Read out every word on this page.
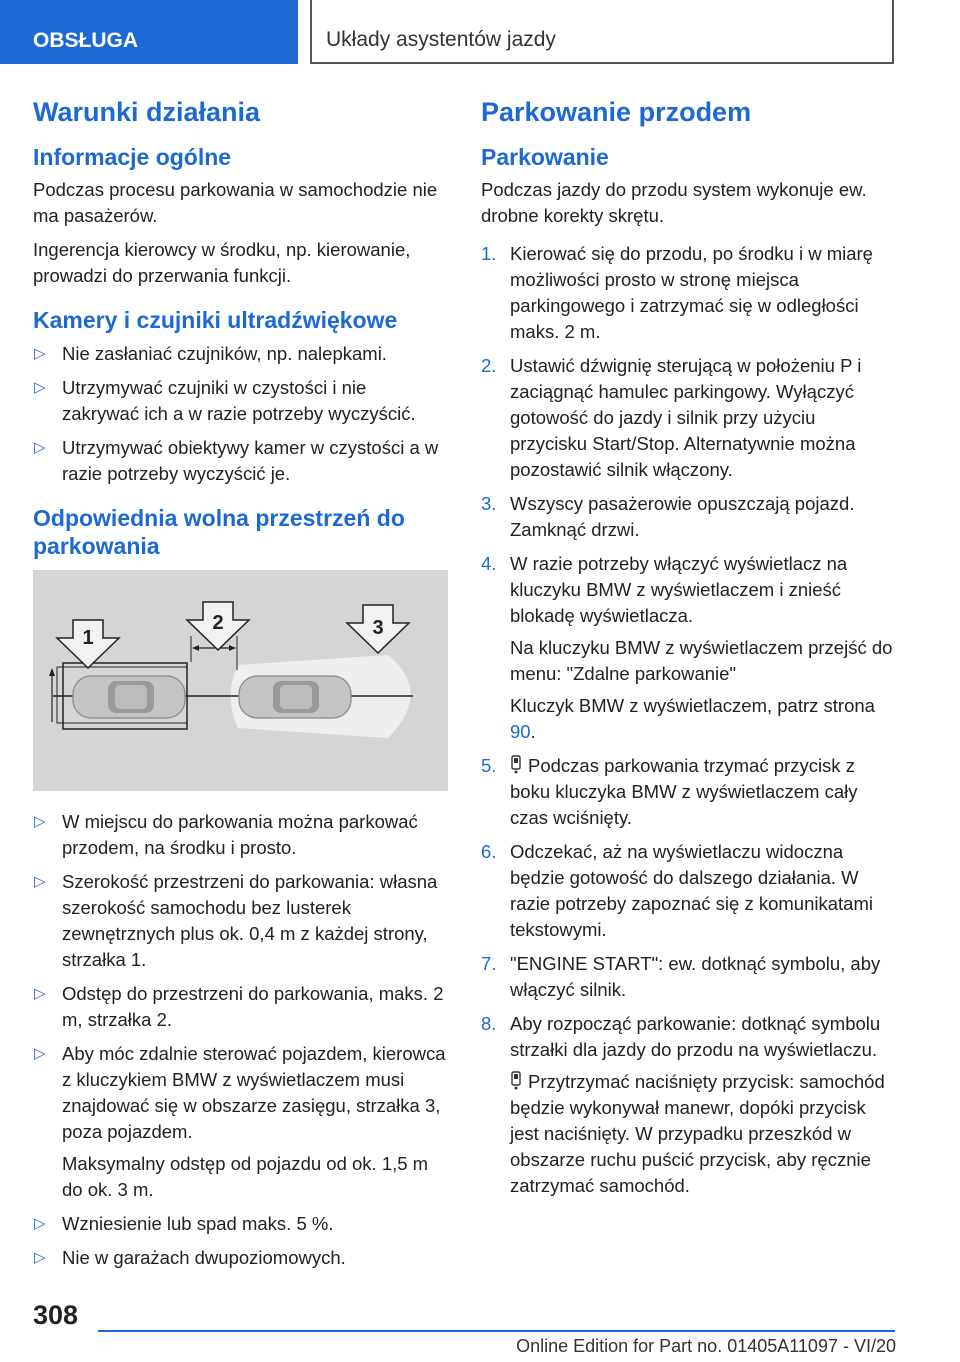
OBSŁUGA	Układy asystentów jazdy
Warunki działania
Informacje ogólne

Podczas procesu parkowania w samochodzie nie ma pasażerów.

Ingerencja kierowcy w środku, np. kierowanie, prowadzi do przerwania funkcji.

Kamery i czujniki ultradźwiękowe
▷ Nie zasłaniać czujników, np. nalepkami.
▷ Utrzymywać czujniki w czystości i nie zakrywać ich a w razie potrzeby wyczyścić.
▷ Utrzymywać obiektywy kamer w czystości a w razie potrzeby wyczyścić je.
Odpowiednia wolna przestrzeń do parkowania
1
2	3
▷ W miejscu do parkowania można parkować przodem, na środku i prosto.
▷ Szerokość przestrzeni do parkowania: własna szerokość samochodu bez lusterek zewnętrznych plus ok. 0,4 m z każdej strony, strzałka 1.
▷ Odstęp do przestrzeni do parkowania, maks. 2 m, strzałka 2.
▷ Aby móc zdalnie sterować pojazdem, kierowca z kluczykiem BMW z wyświetlaczem musi znajdować się w obszarze zasięgu, strzałka 3, poza pojazdem.
Maksymalny odstęp od pojazdu od ok. 1,5 m do ok. 3 m.
▷ Wzniesienie lub spad maks. 5 %.
▷ Nie w garażach dwupoziomowych.
Parkowanie przodem
Parkowanie

Podczas jazdy do przodu system wykonuje ew. drobne korekty skrętu.

1. Kierować się do przodu, po środku i w miarę możliwości prosto w stronę miejsca parkingowego i zatrzymać się w odległości maks. 2 m.
2. Ustawić dźwignię sterującą w położeniu P i zaciągnąć hamulec parkingowy. Wyłączyć gotowość do jazdy i silnik przy użyciu przycisku Start/Stop. Alternatywnie można pozostawić silnik włączony.
3. Wszyscy pasażerowie opuszczają pojazd. Zamknąć drzwi.
4. W razie potrzeby włączyć wyświetlacz na kluczyku BMW z wyświetlaczem i znieść blokadę wyświetlacza.
Na kluczyku BMW z wyświetlaczem przejść do menu: "Zdalne parkowanie"
Kluczyk BMW z wyświetlaczem, patrz strona 90.
5. Podczas parkowania trzymać przycisk z boku kluczyka BMW z wyświetlaczem cały czas wciśnięty.
6. Odczekać, aż na wyświetlaczu widoczna będzie gotowość do dalszego działania. W razie potrzeby zapoznać się z komunikatami tekstowymi.
7. "ENGINE START": ew. dotknąć symbolu, aby włączyć silnik.
8. Aby rozpocząć parkowanie: dotknąć symbolu strzałki dla jazdy do przodu na wyświetlaczu.
Przytrzymać naciśnięty przycisk: samochód będzie wykonywał manewr, dopóki przycisk jest naciśnięty. W przypadku przeszkód w obszarze ruchu puścić przycisk, aby ręcznie zatrzymać samochód.
308
Online Edition for Part no. 01405A11097 - VI/20
